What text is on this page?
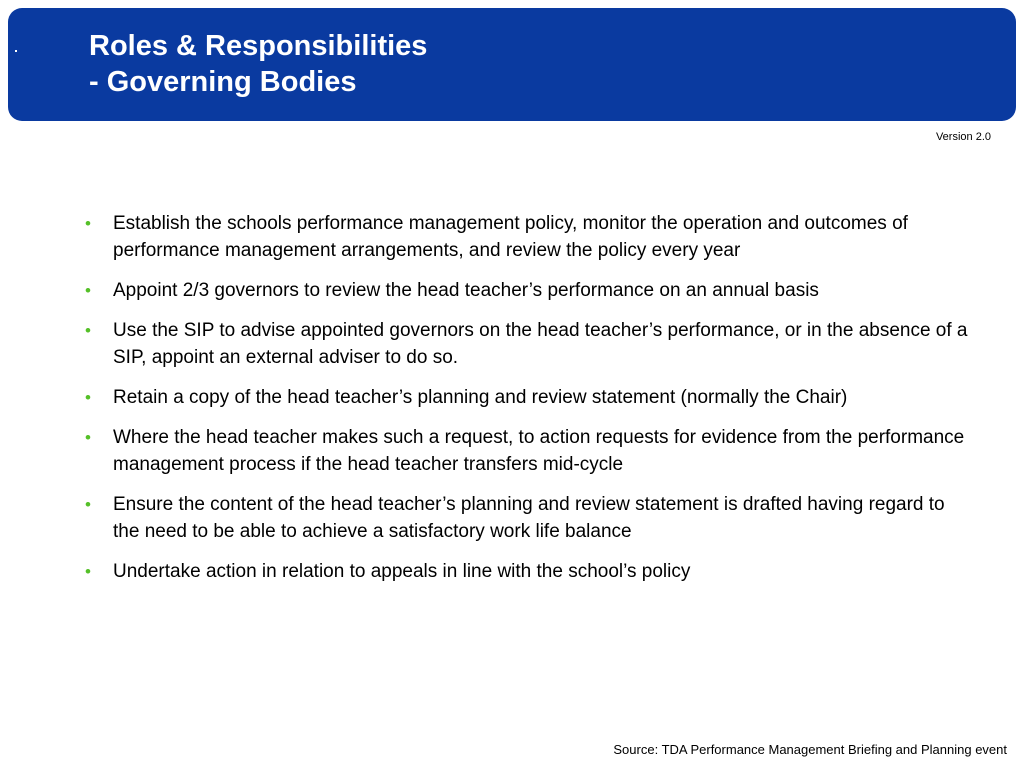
Roles & Responsibilities
- Governing Bodies
Version 2.0
•	Establish the schools performance management policy, monitor the operation and outcomes of performance management arrangements, and review the policy every year
•	Appoint 2/3 governors to review the head teacher’s performance on an annual basis
•	Use the SIP to advise appointed governors on the head teacher’s performance, or in the absence of a SIP, appoint an external adviser to do so.
•	Retain a copy of the head teacher’s planning and review statement (normally the Chair)
•	Where the head teacher makes such a request, to action requests for evidence from the performance management process if the head teacher transfers mid-cycle
•	Ensure the content of the head teacher’s planning and review statement is drafted having regard to the need to be able to achieve a satisfactory work life balance
•	Undertake action in relation to appeals in line with the school’s policy
Source: TDA Performance Management Briefing and Planning event
